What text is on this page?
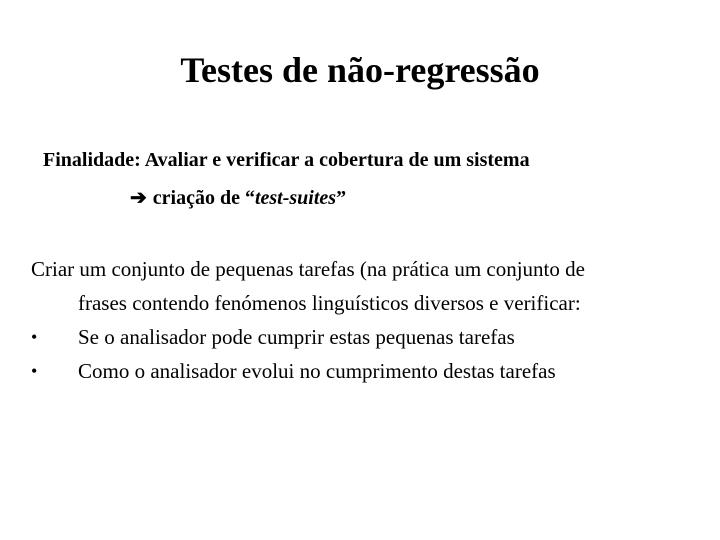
Testes de não-regressão
Finalidade: Avaliar e verificar a cobertura de um sistema
➔ criação de “test-suites”
Criar um conjunto de pequenas tarefas (na prática um conjunto de
frases contendo fenómenos linguísticos diversos e verificar:
• Se o analisador pode cumprir estas pequenas tarefas
• Como o analisador evolui no cumprimento destas tarefas
